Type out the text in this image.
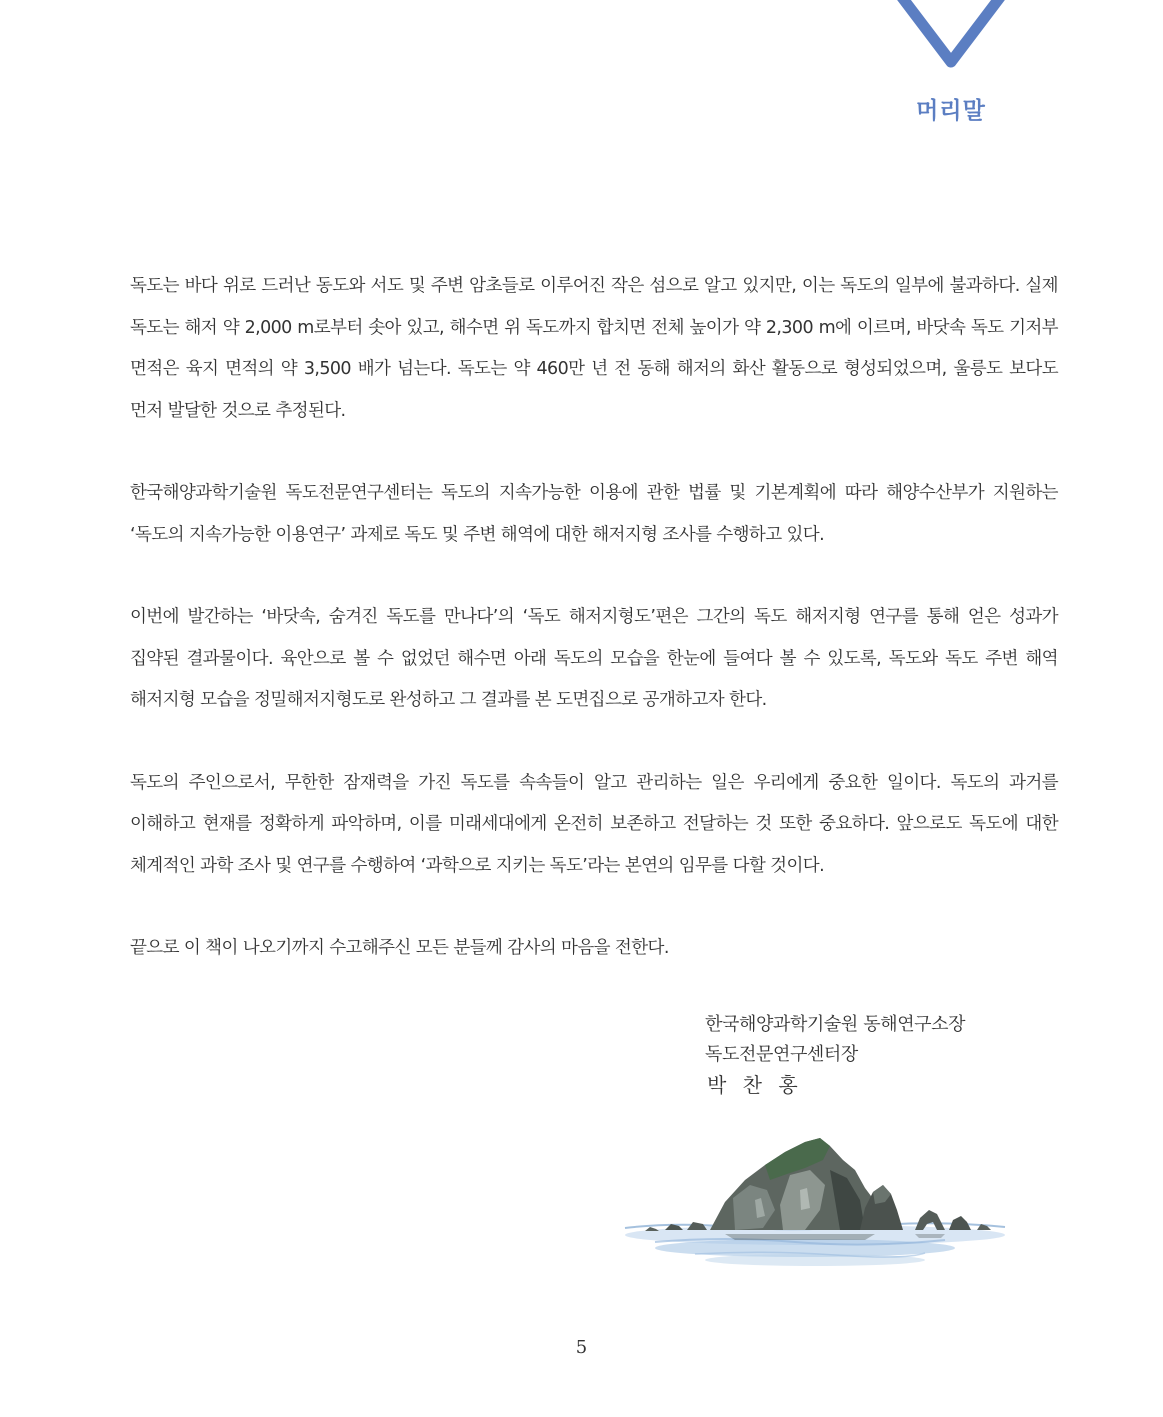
머리말

독도는 바다 위로 드러난 동도와 서도 및 주변 암초들로 이루어진 작은 섬으로 알고 있지만, 이는 독도의 일부에 불과하다. 실제 독도는 해저 약 2,000 m로부터 솟아 있고, 해수면 위 독도까지 합치면 전체 높이가 약 2,300 m에 이르며, 바닷속 독도 기저부 면적은 육지 면적의 약 3,500 배가 넘는다. 독도는 약 460만 년 전 동해 해저의 화산 활동으로 형성되었으며, 울릉도 보다도 먼저 발달한 것으로 추정된다.

한국해양과학기술원 독도전문연구센터는 독도의 지속가능한 이용에 관한 법률 및 기본계획에 따라 해양수산부가 지원하는 ‘독도의 지속가능한 이용연구’ 과제로 독도 및 주변 해역에 대한 해저지형 조사를 수행하고 있다.

이번에 발간하는 ‘바닷속, 숨겨진 독도를 만나다’의 ‘독도 해저지형도’편은 그간의 독도 해저지형 연구를 통해 얻은 성과가 집약된 결과물이다. 육안으로 볼 수 없었던 해수면 아래 독도의 모습을 한눈에 들여다 볼 수 있도록, 독도와 독도 주변 해역 해저지형 모습을 정밀해저지형도로 완성하고 그 결과를 본 도면집으로 공개하고자 한다.

독도의 주인으로서, 무한한 잠재력을 가진 독도를 속속들이 알고 관리하는 일은 우리에게 중요한 일이다. 독도의 과거를 이해하고 현재를 정확하게 파악하며, 이를 미래세대에게 온전히 보존하고 전달하는 것 또한 중요하다. 앞으로도 독도에 대한 체계적인 과학 조사 및 연구를 수행하여 ‘과학으로 지키는 독도’라는 본연의 임무를 다할 것이다.

끝으로 이 책이 나오기까지 수고해주신 모든 분들께 감사의 마음을 전한다.

한국해양과학기술원 동해연구소장
독도전문연구센터장
박 찬 홍
5
